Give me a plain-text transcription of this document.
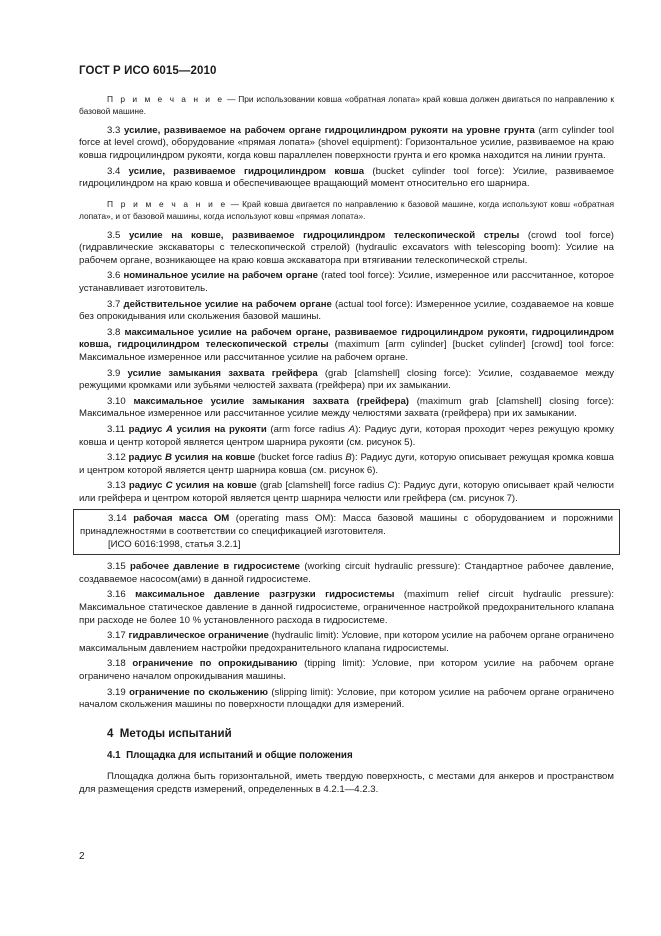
ГОСТ Р ИСО 6015—2010

П р и м е ч а н и е — При использовании ковша «обратная лопата» край ковша должен двигаться по направлению к базовой машине.

3.3 усилие, развиваемое на рабочем органе гидроцилиндром рукояти на уровне грунта (arm cylinder tool force at level crowd), оборудование «прямая лопата» (shovel equipment): Горизонтальное усилие, развиваемое на краю ковша гидроцилиндром рукояти, когда ковш параллелен поверхности грунта и его кромка находится на линии грунта.

3.4 усилие, развиваемое гидроцилиндром ковша (bucket cylinder tool force): Усилие, развиваемое гидроцилиндром на краю ковша и обеспечивающее вращающий момент относительно его шарнира.

П р и м е ч а н и е — Край ковша двигается по направлению к базовой машине, когда используют ковш «обратная лопата», и от базовой машины, когда используют ковш «прямая лопата».

3.5 усилие на ковше, развиваемое гидроцилиндром телескопической стрелы (crowd tool force) (гидравлические экскаваторы с телескопической стрелой) (hydraulic excavators with telescoping boom): Усилие на рабочем органе, возникающее на краю ковша экскаватора при втягивании телескопической стрелы.

3.6 номинальное усилие на рабочем органе (rated tool force): Усилие, измеренное или рассчитанное, которое устанавливает изготовитель.

3.7 действительное усилие на рабочем органе (actual tool force): Измеренное усилие, создаваемое на ковше без опрокидывания или скольжения базовой машины.

3.8 максимальное усилие на рабочем органе, развиваемое гидроцилиндром рукояти, гидроцилиндром ковша, гидроцилиндром телескопической стрелы (maximum [arm cylinder] [bucket cylinder] [crowd] tool force: Максимальное измеренное или рассчитанное усилие на рабочем органе.

3.9 усилие замыкания захвата грейфера (grab [clamshell] closing force): Усилие, создаваемое между режущими кромками или зубьями челюстей захвата (грейфера) при их замыкании.

3.10 максимальное усилие замыкания захвата (грейфера) (maximum grab [clamshell] closing force): Максимальное измеренное или рассчитанное усилие между челюстями захвата (грейфера) при их замыкании.

3.11 радиус А усилия на рукояти (arm force radius A): Радиус дуги, которая проходит через режущую кромку ковша и центр которой является центром шарнира рукояти (см. рисунок 5).

3.12 радиус В усилия на ковше (bucket force radius B): Радиус дуги, которую описывает режущая кромка ковша и центром которой является центр шарнира ковша (см. рисунок 6).

3.13 радиус С усилия на ковше (grab [clamshell] force radius C): Радиус дуги, которую описывает край челюсти или грейфера и центром которой является центр шарнира челюсти или грейфера (см. рисунок 7).

3.14 рабочая масса ОМ (operating mass OM): Масса базовой машины с оборудованием и порожними принадлежностями в соответствии со спецификацией изготовителя.

[ИСО 6016:1998, статья 3.2.1]

3.15 рабочее давление в гидросистеме (working circuit hydraulic pressure): Стандартное рабочее давление, создаваемое насосом(ами) в данной гидросистеме.

3.16 максимальное давление разгрузки гидросистемы (maximum relief circuit hydraulic pressure): Максимальное статическое давление в данной гидросистеме, ограниченное настройкой предохранительного клапана при расходе не более 10 % установленного расхода в гидросистеме.

3.17 гидравлическое ограничение (hydraulic limit): Условие, при котором усилие на рабочем органе ограничено максимальным давлением настройки предохранительного клапана гидросистемы.

3.18 ограничение по опрокидыванию (tipping limit): Условие, при котором усилие на рабочем органе ограничено началом опрокидывания машины.

3.19 ограничение по скольжению (slipping limit): Условие, при котором усилие на рабочем органе ограничено началом скольжения машины по поверхности площадки для измерений.

4 Методы испытаний
4.1 Площадка для испытаний и общие положения

Площадка должна быть горизонтальной, иметь твердую поверхность, с местами для анкеров и пространством для размещения средств измерений, определенных в 4.2.1—4.2.3.

2
